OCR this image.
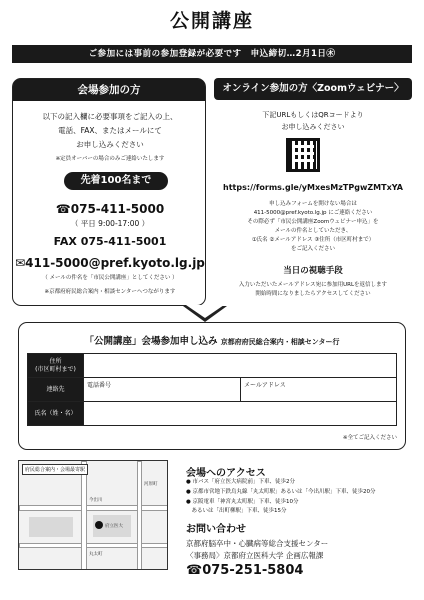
公開講座
ご参加には事前の参加登録が必要です　申込締切…2月1日㊍
会場参加の方
以下の記入欄に必要事項をご記入の上、
電話、FAX、またはメールにて
お申し込みください
※定員オーバーの場合のみご連絡いたします
☎075-411-5000
（ 平日 9:00-17:00 ）
FAX 075-411-5001
✉411-5000@pref.kyoto.lg.jp
（ メールの件名を「市民公開講座」としてください ）
※京都府府民総合案内・相談センターへつながります
先着100名まで
オンライン参加の方〈Zoomウェビナー〉
下記URLもしくはQRコードより
お申し込みください
https://forms.gle/yMxesMzTPgwZMTxYA
申し込みフォームを開けない場合は
411-5000@pref.kyoto.lg.jp にご連絡ください
その際必ず「市民公開講座Zoomウェビナー申込」を
メールの件名としていただき、
①氏名 ②メールアドレス ③住所（市区町村まで）
をご記入ください
当日の視聴手段
入力いただいたメールアドレス宛に参加用URLを返信します
開始時間になりましたらアクセスしてください
「公開講座」会場参加申し込み 京都府府民総合案内・相談センター行
住所
(市区町村まで)		
連絡先	電話番号	メールアドレス
氏名（姓・名）		
※全てご記入ください
府民総合案内・会場最寄駅
府立医大
河原町
今出川
丸太町
会場へのアクセス
● 市バス「府立医大病院前」下車、徒歩2分
● 京都市営地下鉄烏丸線「丸太町駅」あるいは「今出川駅」下車、徒歩20分
● 京阪電車「神宮丸太町駅」下車、徒歩10分
　あるいは「出町柳駅」下車、徒歩15分
お問い合わせ
京都府脳卒中・心臓病等総合支援センター
〈事務局〉京都府立医科大学 企画広報課
☎075-251-5804
